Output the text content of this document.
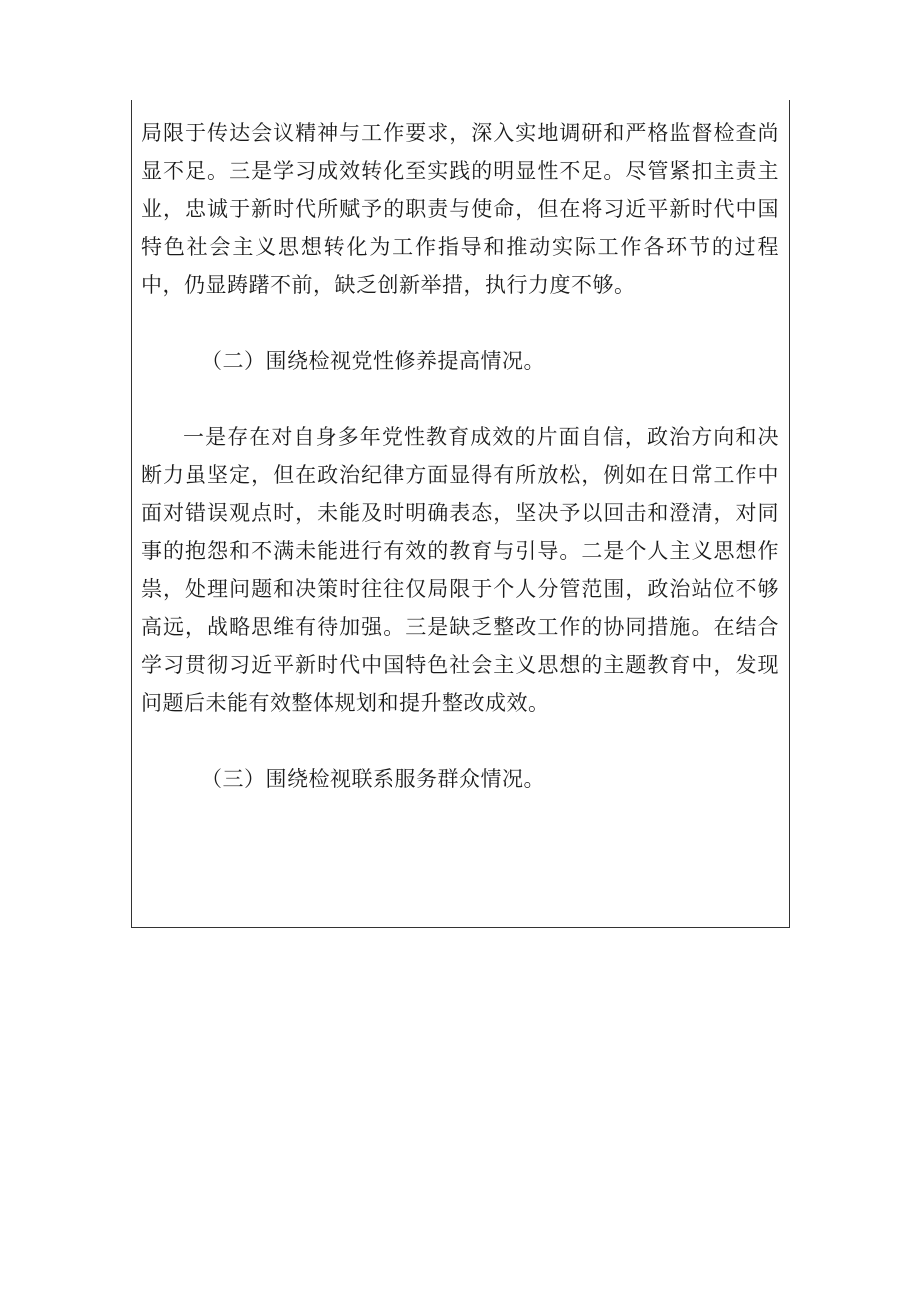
局限于传达会议精神与工作要求，深入实地调研和严格监督检查尚显不足。三是学习成效转化至实践的明显性不足。尽管紧扣主责主业，忠诚于新时代所赋予的职责与使命，但在将习近平新时代中国特色社会主义思想转化为工作指导和推动实际工作各环节的过程中，仍显踌躇不前，缺乏创新举措，执行力度不够。

（二）围绕检视党性修养提高情况。

一是存在对自身多年党性教育成效的片面自信，政治方向和决断力虽坚定，但在政治纪律方面显得有所放松，例如在日常工作中面对错误观点时，未能及时明确表态，坚决予以回击和澄清，对同事的抱怨和不满未能进行有效的教育与引导。二是个人主义思想作祟，处理问题和决策时往往仅局限于个人分管范围，政治站位不够高远，战略思维有待加强。三是缺乏整改工作的协同措施。在结合学习贯彻习近平新时代中国特色社会主义思想的主题教育中，发现问题后未能有效整体规划和提升整改成效。

（三）围绕检视联系服务群众情况。
